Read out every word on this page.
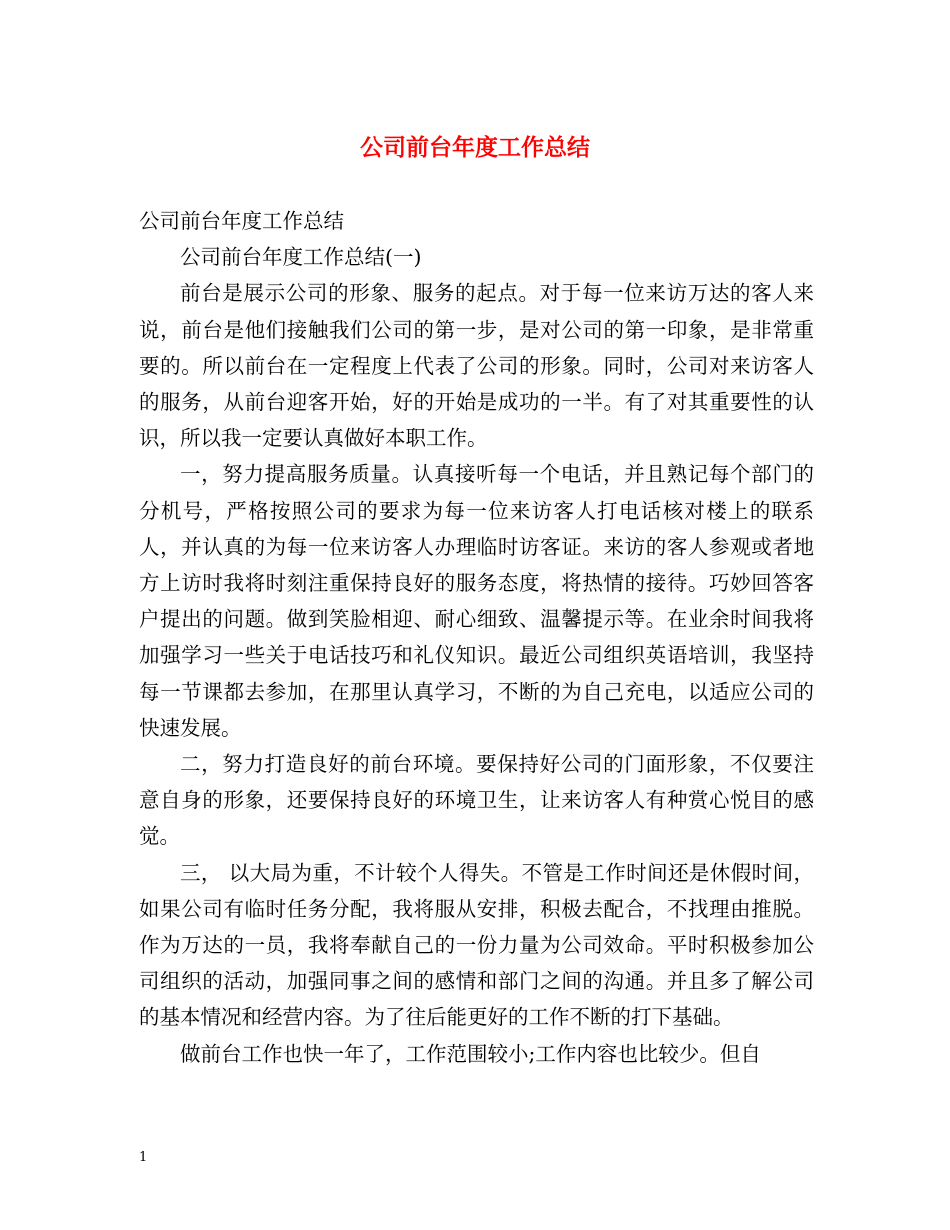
公司前台年度工作总结

公司前台年度工作总结

公司前台年度工作总结(一)

前台是展示公司的形象、服务的起点。对于每一位来访万达的客人来说，前台是他们接触我们公司的第一步，是对公司的第一印象，是非常重要的。所以前台在一定程度上代表了公司的形象。同时，公司对来访客人的服务，从前台迎客开始，好的开始是成功的一半。有了对其重要性的认识，所以我一定要认真做好本职工作。

一，努力提高服务质量。认真接听每一个电话，并且熟记每个部门的分机号，严格按照公司的要求为每一位来访客人打电话核对楼上的联系人，并认真的为每一位来访客人办理临时访客证。来访的客人参观或者地方上访时我将时刻注重保持良好的服务态度，将热情的接待。巧妙回答客户提出的问题。做到笑脸相迎、耐心细致、温馨提示等。在业余时间我将加强学习一些关于电话技巧和礼仪知识。最近公司组织英语培训，我坚持每一节课都去参加，在那里认真学习，不断的为自己充电，以适应公司的快速发展。

二，努力打造良好的前台环境。要保持好公司的门面形象，不仅要注意自身的形象，还要保持良好的环境卫生，让来访客人有种赏心悦目的感觉。

三， 以大局为重，不计较个人得失。不管是工作时间还是休假时间，如果公司有临时任务分配，我将服从安排，积极去配合，不找理由推脱。作为万达的一员，我将奉献自己的一份力量为公司效命。平时积极参加公司组织的活动，加强同事之间的感情和部门之间的沟通。并且多了解公司的基本情况和经营内容。为了往后能更好的工作不断的打下基础。

做前台工作也快一年了，工作范围较小;工作内容也比较少。但自

1
